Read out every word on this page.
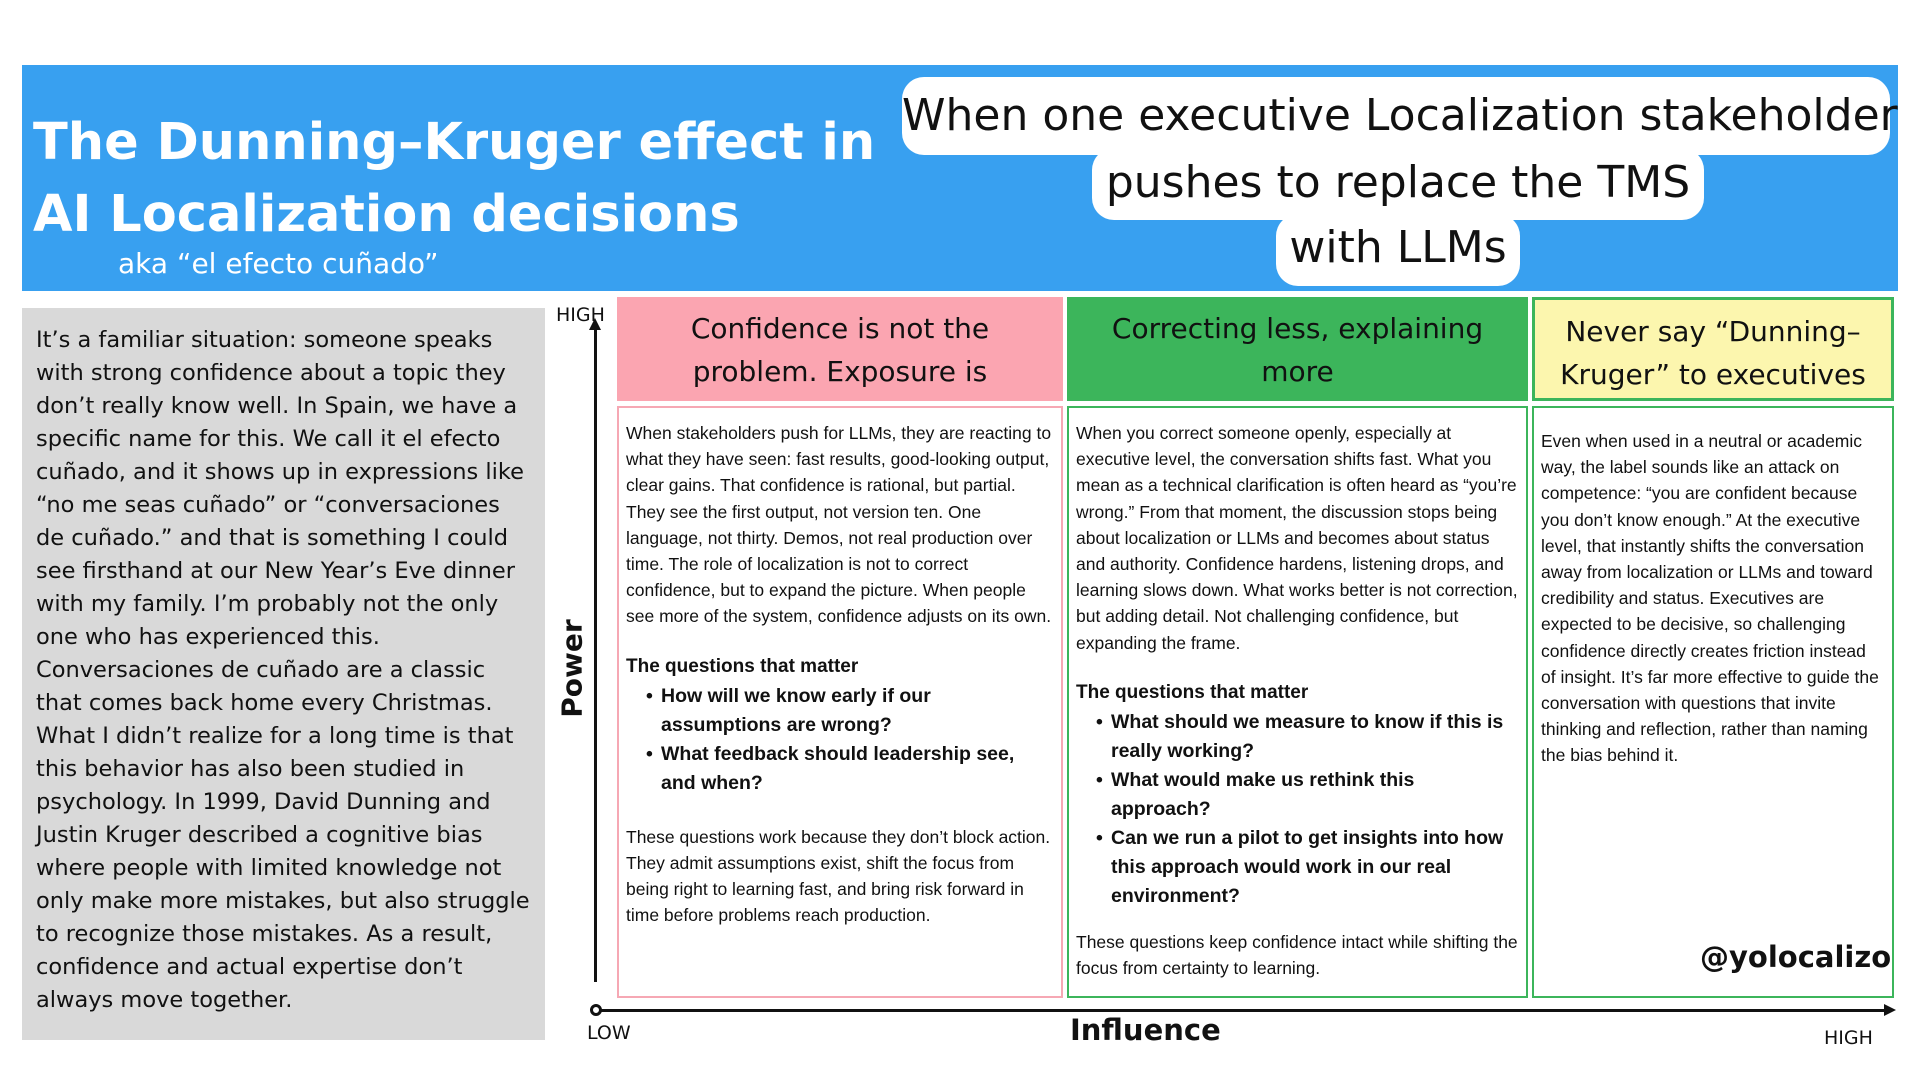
The Dunning–Kruger effect in AI Localization decisions
aka “el efecto cuñado”
When one executive Localization stakeholder
pushes to replace the TMS
with LLMs

It’s a familiar situation: someone speaks with strong confidence about a topic they don’t really know well. In Spain, we have a specific name for this. We call it el efecto cuñado, and it shows up in expressions like “no me seas cuñado” or “conversaciones de cuñado.” and that is something I could see firsthand at our New Year’s Eve dinner with my family. I’m probably not the only one who has experienced this. Conversaciones de cuñado are a classic that comes back home every Christmas. What I didn’t realize for a long time is that this behavior has also been studied in psychology. In 1999, David Dunning and Justin Kruger described a cognitive bias where people with limited knowledge not only make more mistakes, but also struggle to recognize those mistakes. As a result, confidence and actual expertise don’t always move together.

HIGH
Power
LOW	Influence	HIGH
Confidence is not the problem. Exposure is

When stakeholders push for LLMs, they are reacting to what they have seen: fast results, good-looking output, clear gains. That confidence is rational, but partial. They see the first output, not version ten. One language, not thirty. Demos, not real production over time. The role of localization is not to correct confidence, but to expand the picture. When people see more of the system, confidence adjusts on its own.

The questions that matter

• How will we know early if our assumptions are wrong?
• What feedback should leadership see, and when?

These questions work because they don’t block action. They admit assumptions exist, shift the focus from being right to learning fast, and bring risk forward in time before problems reach production.

Correcting less, explaining more

When you correct someone openly, especially at executive level, the conversation shifts fast. What you mean as a technical clarification is often heard as “you’re wrong.” From that moment, the discussion stops being about localization or LLMs and becomes about status and authority. Confidence hardens, listening drops, and learning slows down. What works better is not correction, but adding detail. Not challenging confidence, but expanding the frame.

The questions that matter

• What should we measure to know if this is really working?
• What would make us rethink this approach?
• Can we run a pilot to get insights into how this approach would work in our real environment?

These questions keep confidence intact while shifting the focus from certainty to learning.

Never say “Dunning–Kruger” to executives

Even when used in a neutral or academic way, the label sounds like an attack on competence: “you are confident because you don’t know enough.” At the executive level, that instantly shifts the conversation away from localization or LLMs and toward credibility and status. Executives are expected to be decisive, so challenging confidence directly creates friction instead of insight. It’s far more effective to guide the conversation with questions that invite thinking and reflection, rather than naming the bias behind it.

@yolocalizo
